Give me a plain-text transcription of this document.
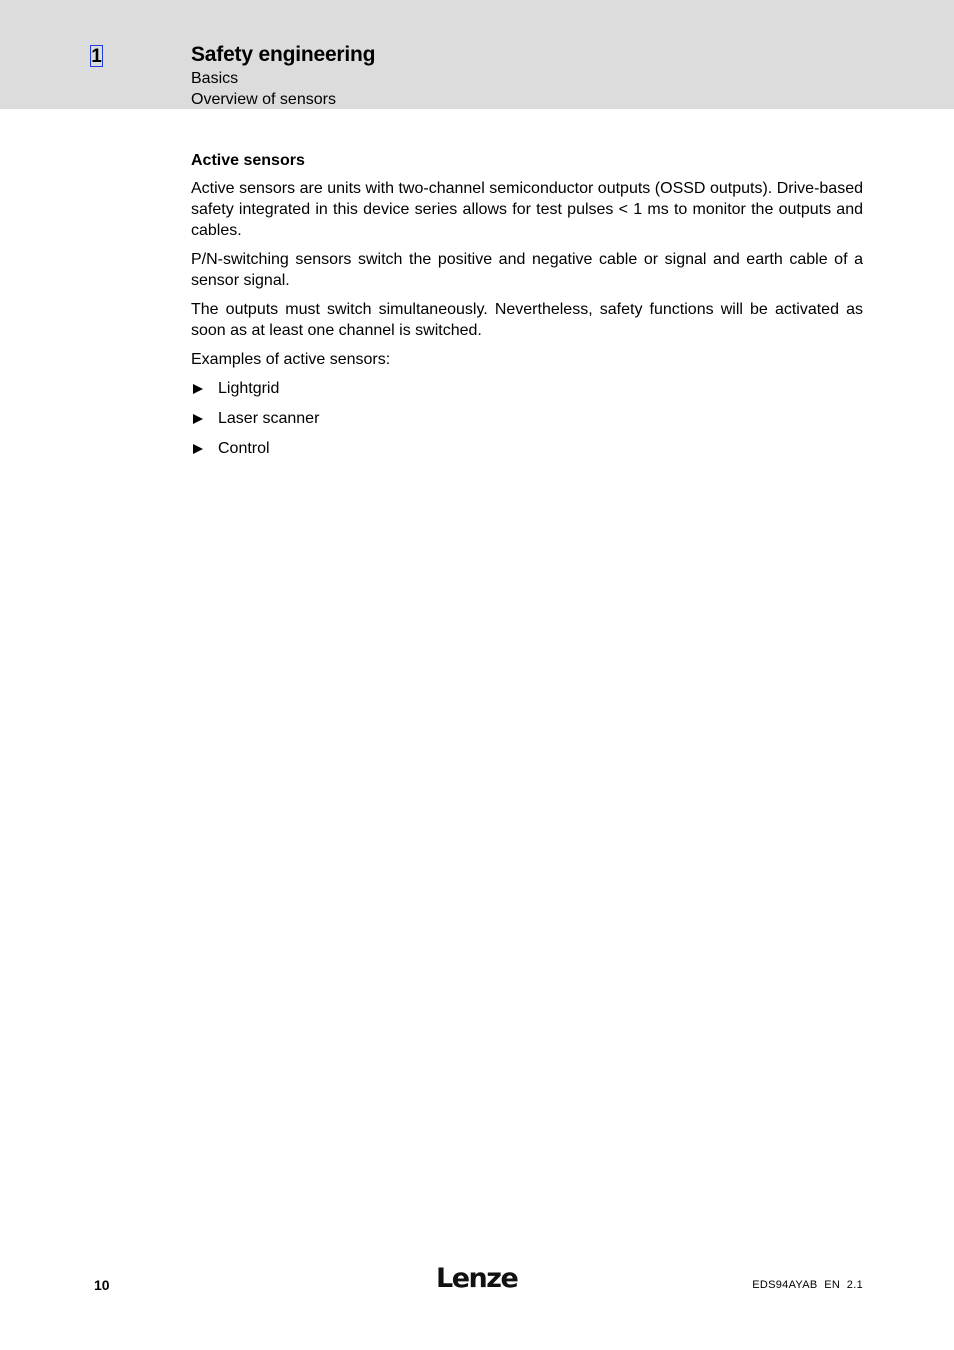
1	Safety engineering
Basics
Overview of sensors
Active sensors

Active sensors are units with two-channel semiconductor outputs (OSSD outputs). Drive-based safety integrated in this device series allows for test pulses < 1 ms to monitor the outputs and cables.

P/N-switching sensors switch the positive and negative cable or signal and earth cable of a sensor signal.

The outputs must switch simultaneously. Nevertheless, safety functions will be activated as soon as at least one channel is switched.

Examples of active sensors:

Lightgrid
Laser scanner
Control
10	Lenze	EDS94AYAB  EN  2.1
